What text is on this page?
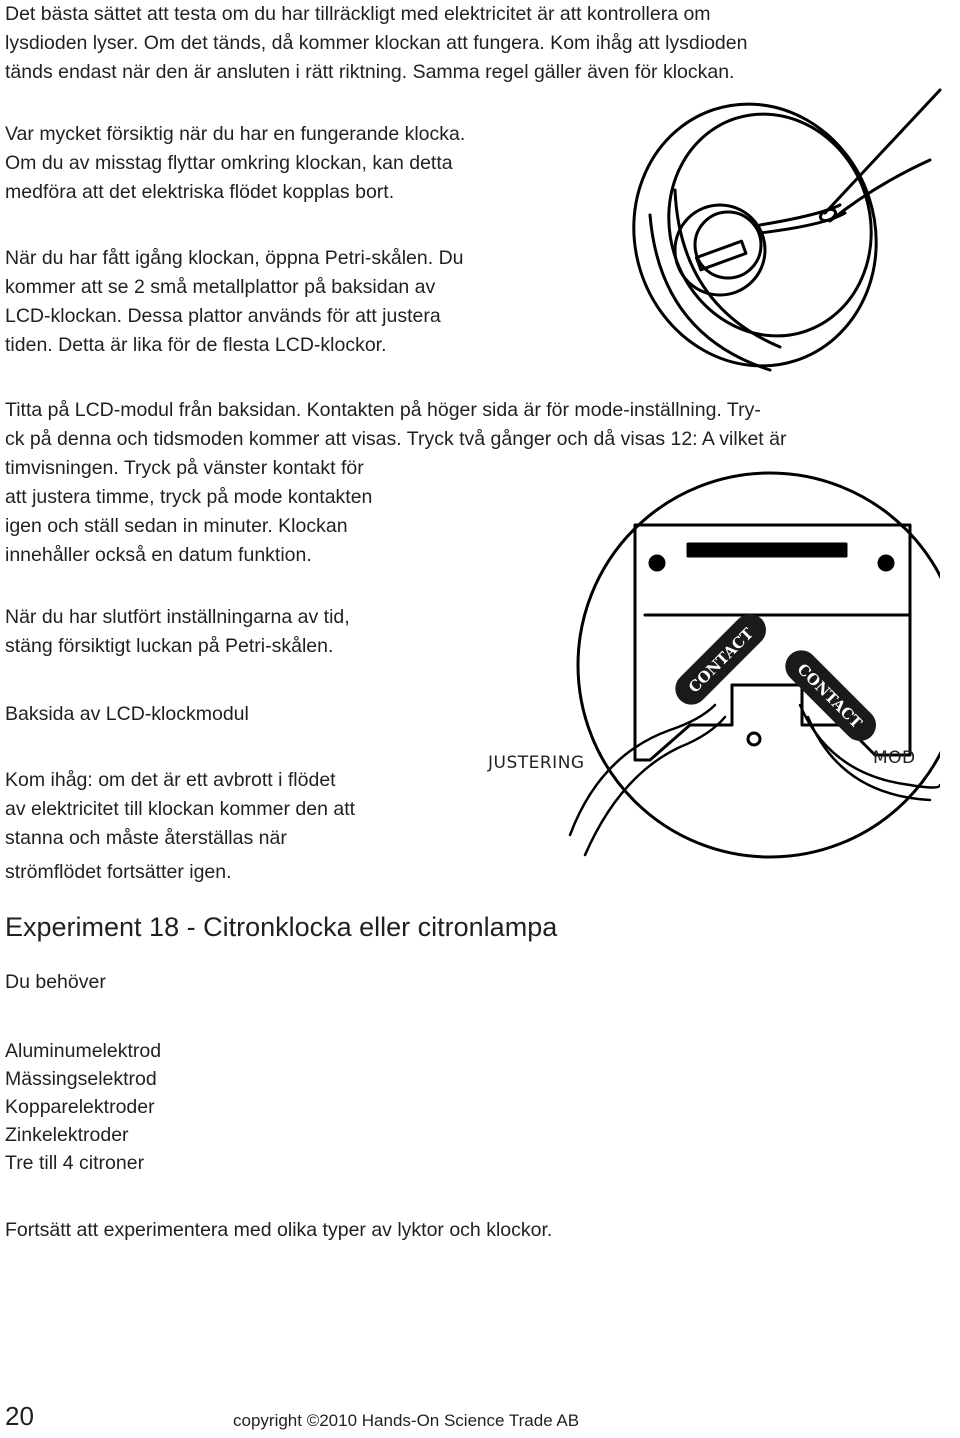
Det bästa sättet att testa om du har tillräckligt med elektricitet är att kontrollera om
lysdioden lyser. Om det tänds, då kommer klockan att fungera. Kom ihåg att lysdioden
tänds endast när den är ansluten i rätt riktning. Samma regel gäller även för klockan.
Var mycket försiktig när du har en fungerande klocka.
Om du av misstag flyttar omkring klockan, kan detta
medföra att det elektriska flödet kopplas bort.
När du har fått igång klockan, öppna Petri-skålen. Du
kommer att se 2 små metallplattor på baksidan av
LCD-klockan. Dessa plattor används för att justera
tiden. Detta är lika för de flesta LCD-klockor.
Titta på LCD-modul från baksidan. Kontakten på höger sida är för mode-inställning. Try-
ck på denna och tidsmoden kommer att visas. Tryck två gånger och då visas 12: A vilket är
timvisningen. Tryck på vänster kontakt för
att justera timme, tryck på mode kontakten
igen och ställ sedan in minuter. Klockan
innehåller också en datum funktion.
När du har slutfört inställningarna av tid,
stäng försiktigt luckan på Petri-skålen.
Baksida av LCD-klockmodul
Kom ihåg: om det är ett avbrott i flödet
av elektricitet till klockan kommer den att
stanna och måste återställas när
strömflödet fortsätter igen.
CONTACT CONTACT
JUSTERING	MOD
Experiment 18 - Citronklocka eller citronlampa
Du behöver
Aluminumelektrod
Mässingselektrod
Kopparelektroder
Zinkelektroder
Tre till 4 citroner
Fortsätt att experimentera med olika typer av lyktor och klockor.
20	copyright ©2010 Hands-On Science Trade AB
